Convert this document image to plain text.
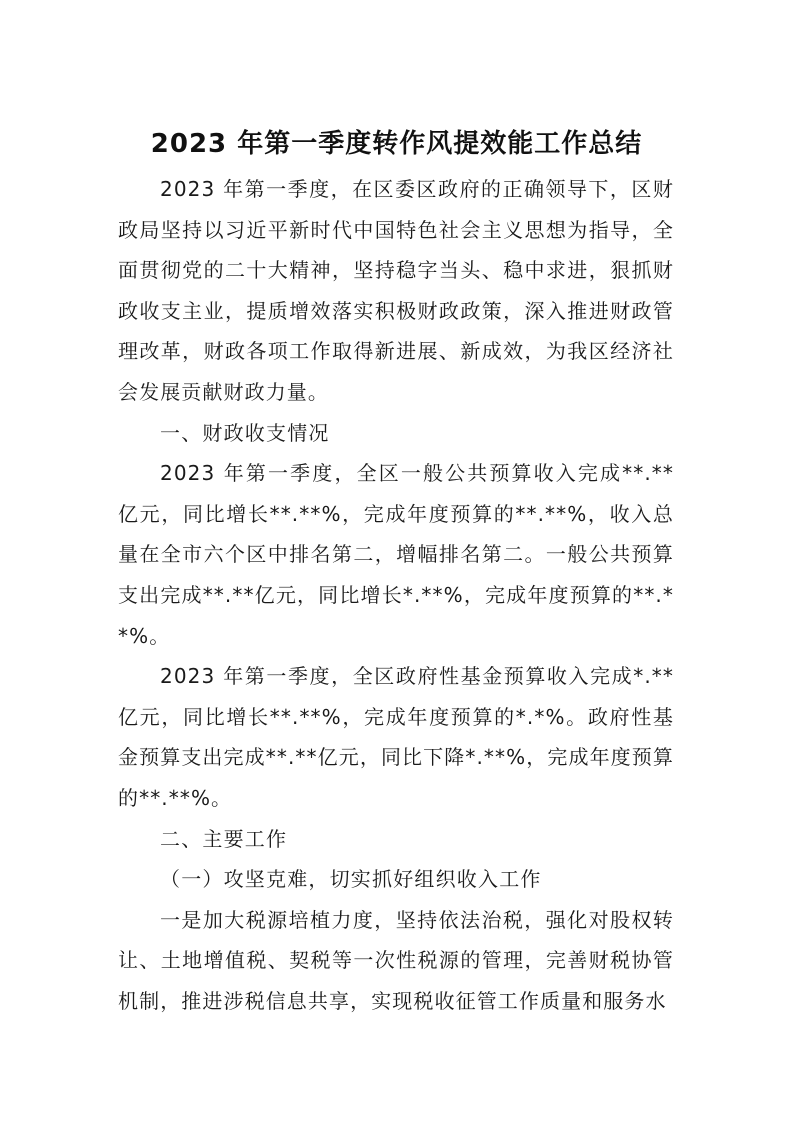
2023 年第一季度转作风提效能工作总结

2023 年第一季度，在区委区政府的正确领导下，区财政局坚持以习近平新时代中国特色社会主义思想为指导，全面贯彻党的二十大精神，坚持稳字当头、稳中求进，狠抓财政收支主业，提质增效落实积极财政政策，深入推进财政管理改革，财政各项工作取得新进展、新成效，为我区经济社会发展贡献财政力量。

一、财政收支情况

2023 年第一季度，全区一般公共预算收入完成**.**亿元，同比增长**.**%，完成年度预算的**.**%，收入总量在全市六个区中排名第二，增幅排名第二。一般公共预算支出完成**.**亿元，同比增长*.**%，完成年度预算的**.**%。

2023 年第一季度，全区政府性基金预算收入完成*.**亿元，同比增长**.**%，完成年度预算的*.*%。政府性基金预算支出完成**.**亿元，同比下降*.**%，完成年度预算的**.**%。

二、主要工作

（一）攻坚克难，切实抓好组织收入工作

一是加大税源培植力度，坚持依法治税，强化对股权转让、土地增值税、契税等一次性税源的管理，完善财税协管机制，推进涉税信息共享，实现税收征管工作质量和服务水
